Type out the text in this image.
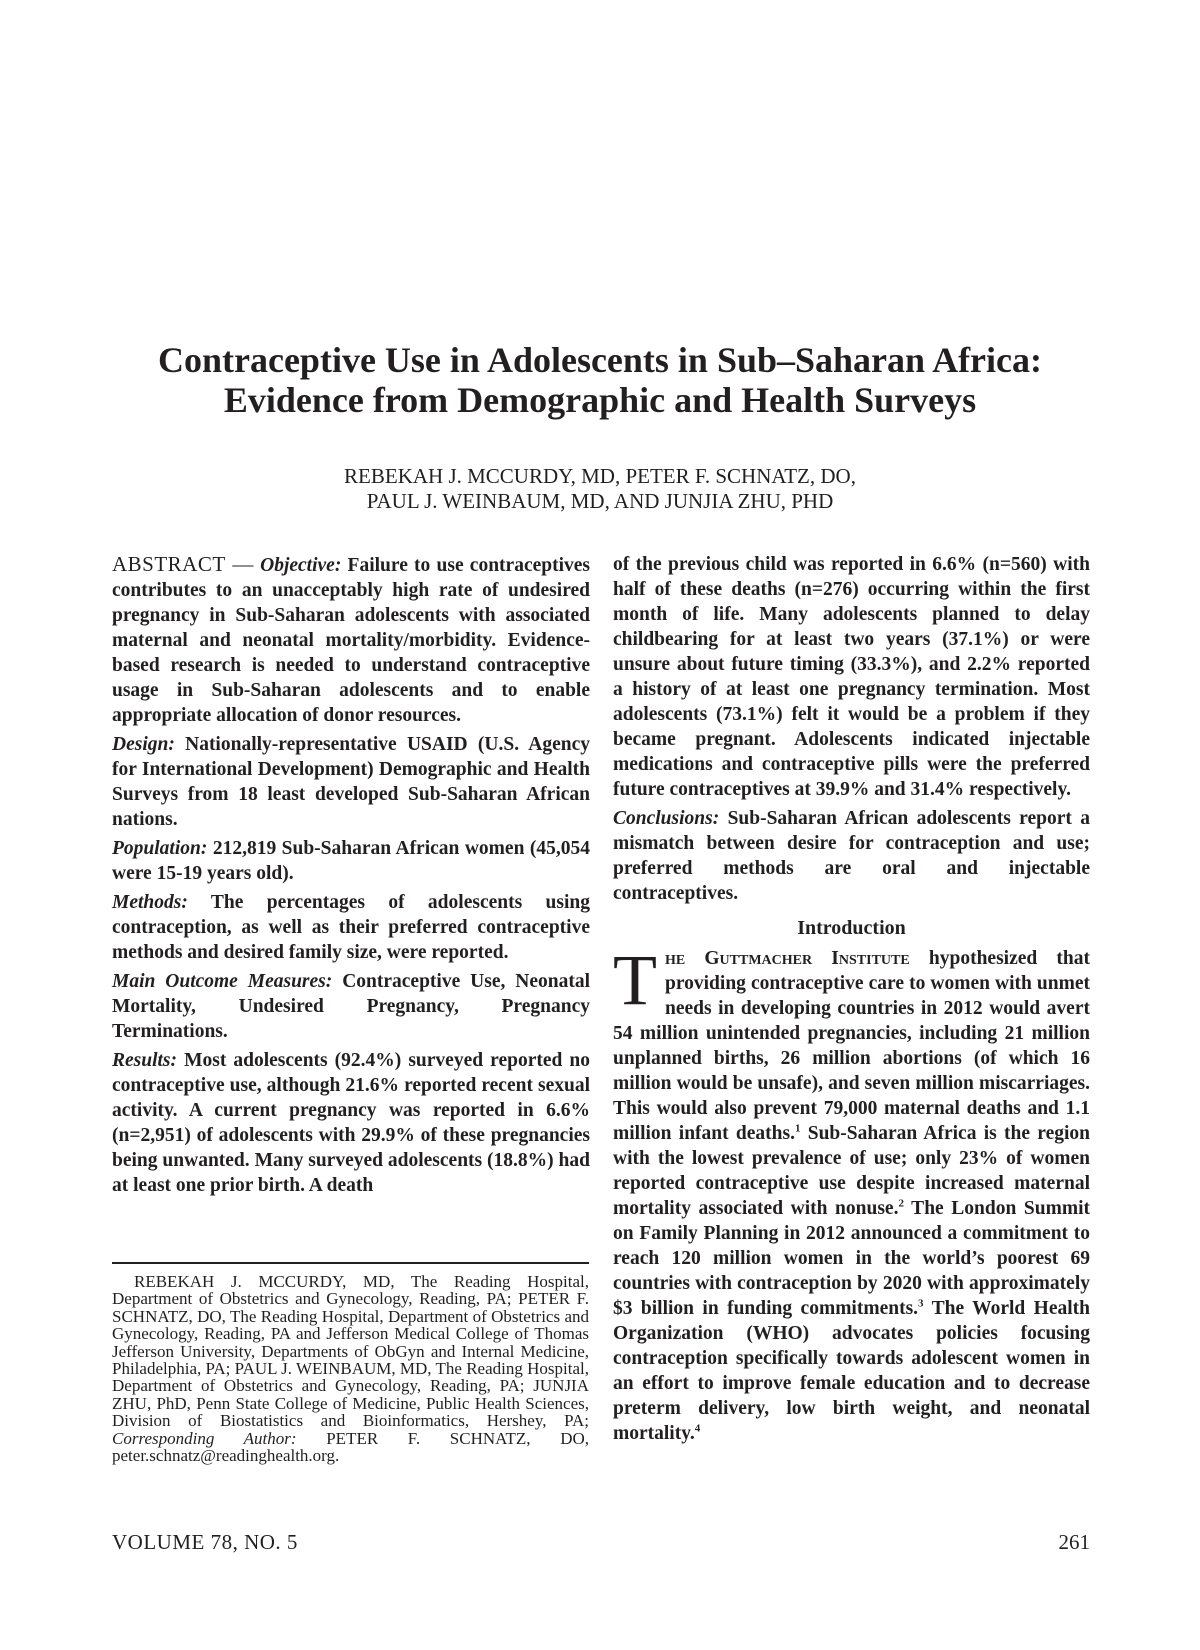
Contraceptive Use in Adolescents in Sub–Saharan Africa:
Evidence from Demographic and Health Surveys
REBEKAH J. MCCURDY, MD, PETER F. SCHNATZ, DO,
PAUL J. WEINBAUM, MD, AND JUNJIA ZHU, PHD

ABSTRACT — Objective: Failure to use contraceptives contributes to an unacceptably high rate of undesired pregnancy in Sub-Saharan adolescents with associated maternal and neonatal mortality/morbidity. Evidence-based research is needed to understand contraceptive usage in Sub-Saharan adolescents and to enable appropriate allocation of donor resources.

Design: Nationally-representative USAID (U.S. Agency for International Development) Demographic and Health Surveys from 18 least developed Sub-Saharan African nations.

Population: 212,819 Sub-Saharan African women (45,054 were 15-19 years old).

Methods: The percentages of adolescents using contraception, as well as their preferred contraceptive methods and desired family size, were reported.

Main Outcome Measures: Contraceptive Use, Neonatal Mortality, Undesired Pregnancy, Pregnancy Terminations.

Results: Most adolescents (92.4%) surveyed reported no contraceptive use, although 21.6% reported recent sexual activity. A current pregnancy was reported in 6.6% (n=2,951) of adolescents with 29.9% of these pregnancies being unwanted. Many surveyed adolescents (18.8%) had at least one prior birth. A death

REBEKAH J. MCCURDY, MD, The Reading Hospital, Department of Obstetrics and Gynecology, Reading, PA; PETER F. SCHNATZ, DO, The Reading Hospital, Department of Obstetrics and Gynecology, Reading, PA and Jefferson Medical College of Thomas Jefferson University, Departments of ObGyn and Internal Medicine, Philadelphia, PA; PAUL J. WEINBAUM, MD, The Reading Hospital, Department of Obstetrics and Gynecology, Reading, PA; JUNJIA ZHU, PhD, Penn State College of Medicine, Public Health Sciences, Division of Biostatistics and Bioinformatics, Hershey, PA; Corresponding Author: PETER F. SCHNATZ, DO, peter.schnatz@readinghealth.org.

of the previous child was reported in 6.6% (n=560) with half of these deaths (n=276) occurring within the first month of life. Many adolescents planned to delay childbearing for at least two years (37.1%) or were unsure about future timing (33.3%), and 2.2% reported a history of at least one pregnancy termination. Most adolescents (73.1%) felt it would be a problem if they became pregnant. Adolescents indicated injectable medications and contraceptive pills were the preferred future contraceptives at 39.9% and 31.4% respectively.

Conclusions: Sub-Saharan African adolescents report a mismatch between desire for contraception and use; preferred methods are oral and injectable contraceptives.

Introduction

The Guttmacher Institute hypothesized that providing contraceptive care to women with unmet needs in developing countries in 2012 would avert 54 million unintended pregnancies, including 21 million unplanned births, 26 million abortions (of which 16 million would be unsafe), and seven million miscarriages. This would also prevent 79,000 maternal deaths and 1.1 million infant deaths.$^1$ Sub-Saharan Africa is the region with the lowest prevalence of use; only 23% of women reported contraceptive use despite increased maternal mortality associated with nonuse.$^2$ The London Summit on Family Planning in 2012 announced a commitment to reach 120 million women in the world’s poorest 69 countries with contraception by 2020 with approximately $3 billion in funding commitments.$^3$ The World Health Organization (WHO) advocates policies focusing contraception specifically towards adolescent women in an effort to improve female education and to decrease preterm delivery, low birth weight, and neonatal mortality.$^4$

VOLUME 78, NO. 5	261
